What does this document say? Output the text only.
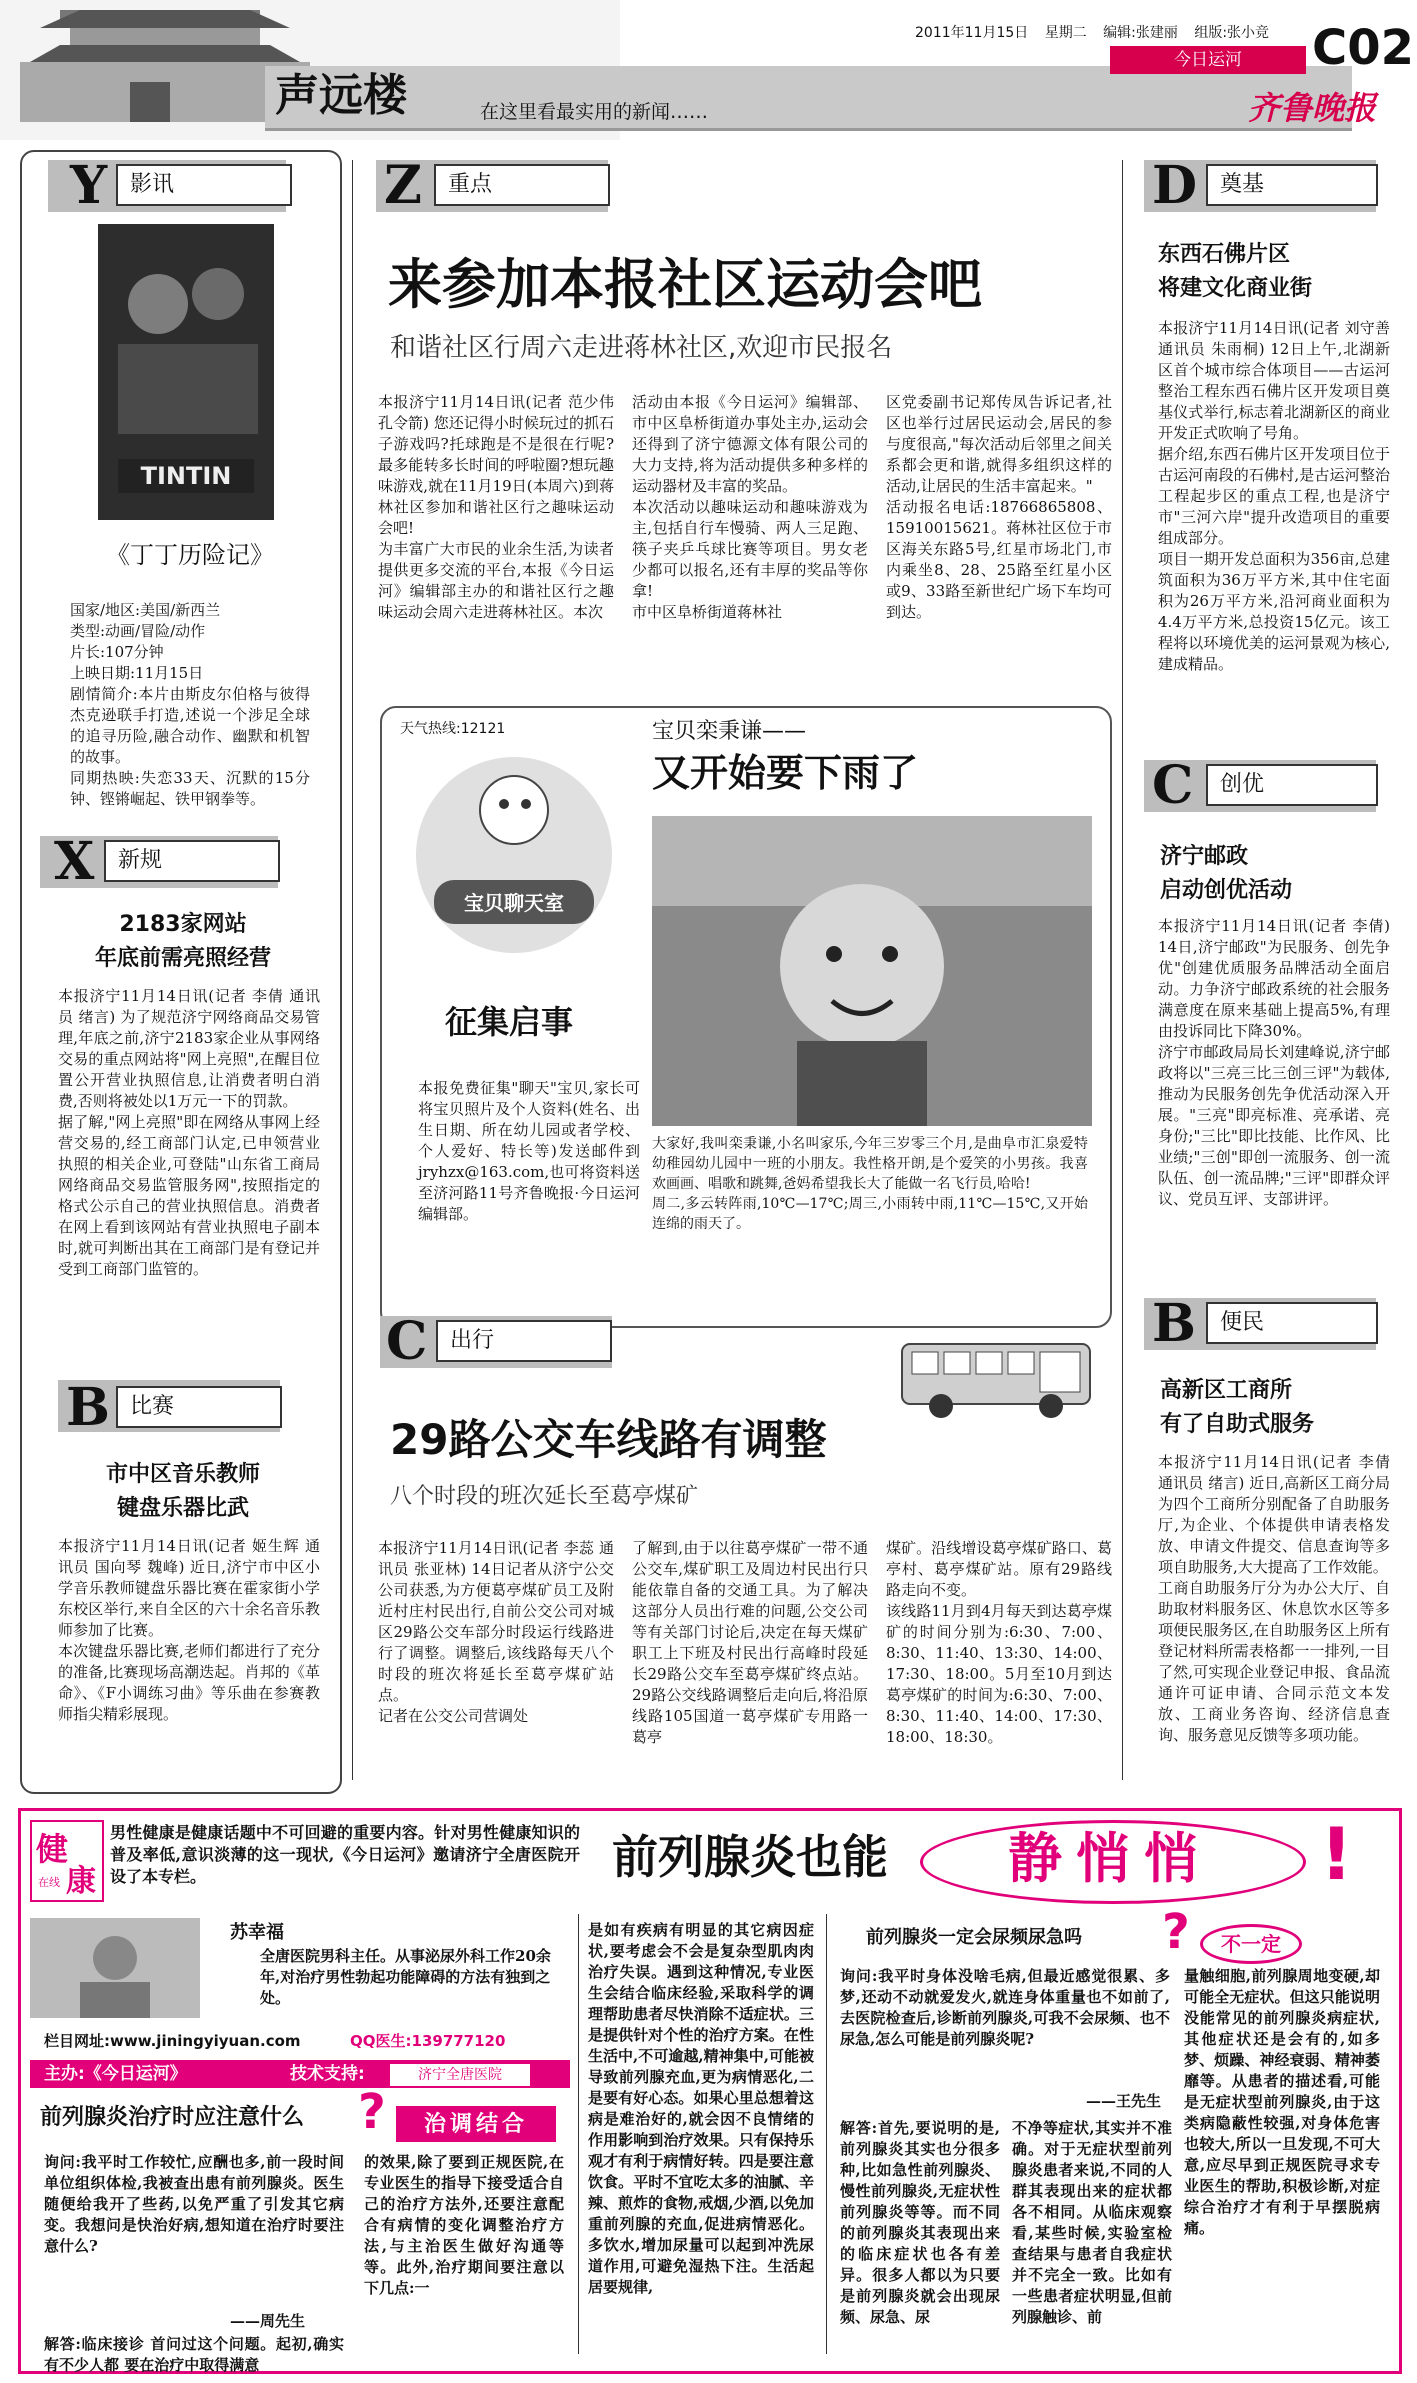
声远楼	在这里看最实用的新闻……
2011年11月15日 星期二 编辑:张建丽 组版:张小竞
今日运河	C02
齐鲁晚报
Y	影讯
TINTIN
《丁丁历险记》
国家/地区:美国/新西兰
类型:动画/冒险/动作
片长:107分钟
上映日期:11月15日
剧情简介:本片由斯皮尔伯格与彼得杰克逊联手打造,述说一个涉足全球的追寻历险,融合动作、幽默和机智的故事。
同期热映:失恋33天、沉默的15分钟、铿锵崛起、铁甲钢拳等。
X	新规
2183家网站
年底前需亮照经营
本报济宁11月14日讯(记者 李倩 通讯员 绪言) 为了规范济宁网络商品交易管理,年底之前,济宁2183家企业从事网络交易的重点网站将"网上亮照",在醒目位置公开营业执照信息,让消费者明白消费,否则将被处以1万元一下的罚款。
据了解,"网上亮照"即在网络从事网上经营交易的,经工商部门认定,已申领营业执照的相关企业,可登陆"山东省工商局网络商品交易监管服务网",按照指定的格式公示自己的营业执照信息。消费者在网上看到该网站有营业执照电子副本时,就可判断出其在工商部门是有登记并受到工商部门监管的。
B 比赛
市中区音乐教师
键盘乐器比武
本报济宁11月14日讯(记者 姬生辉 通讯员 国向琴 魏峰) 近日,济宁市中区小学音乐教师键盘乐器比赛在霍家街小学东校区举行,来自全区的六十余名音乐教师参加了比赛。
本次键盘乐器比赛,老师们都进行了充分的准备,比赛现场高潮迭起。肖邦的《革命》、《F小调练习曲》等乐曲在参赛教师指尖精彩展现。
Z	重点
来参加本报社区运动会吧
和谐社区行周六走进蒋林社区,欢迎市民报名
本报济宁11月14日讯(记者 范少伟 孔令箭) 您还记得小时候玩过的抓石子游戏吗?托球跑是不是很在行呢?最多能转多长时间的呼啦圈?想玩趣味游戏,就在11月19日(本周六)到蒋林社区参加和谐社区行之趣味运动会吧!
为丰富广大市民的业余生活,为读者提供更多交流的平台,本报《今日运河》编辑部主办的和谐社区行之趣味运动会周六走进蒋林社区。本次
活动由本报《今日运河》编辑部、市中区阜桥街道办事处主办,运动会还得到了济宁德源文体有限公司的大力支持,将为活动提供多种多样的运动器材及丰富的奖品。
本次活动以趣味运动和趣味游戏为主,包括自行车慢骑、两人三足跑、筷子夹乒乓球比赛等项目。男女老少都可以报名,还有丰厚的奖品等你拿!
市中区阜桥街道蒋林社
区党委副书记郑传凤告诉记者,社区也举行过居民运动会,居民的参与度很高,"每次活动后邻里之间关系都会更和谐,就得多组织这样的活动,让居民的生活丰富起来。"
活动报名电话:18766865808、15910015621。蒋林社区位于市区海关东路5号,红星市场北门,市内乘坐8、28、25路至红星小区或9、33路至新世纪广场下车均可到达。
天气热线:12121
宝贝聊天室
征集启事
本报免费征集"聊天"宝贝,家长可将宝贝照片及个人资料(姓名、出生日期、所在幼儿园或者学校、个人爱好、特长等)发送邮件到jryhzx@163.com,也可将资料送至济河路11号齐鲁晚报·今日运河编辑部。
宝贝栾秉谦——
又开始要下雨了
大家好,我叫栾秉谦,小名叫家乐,今年三岁零三个月,是曲阜市汇泉爱特幼稚园幼儿园中一班的小朋友。我性格开朗,是个爱笑的小男孩。我喜欢画画、唱歌和跳舞,爸妈希望我长大了能做一名飞行员,哈哈!
周二,多云转阵雨,10℃—17℃;周三,小雨转中雨,11℃—15℃,又开始连绵的雨天了。
C	出行
29路公交车线路有调整
八个时段的班次延长至葛亭煤矿
本报济宁11月14日讯(记者 李蕊 通讯员 张亚林) 14日记者从济宁公交公司获悉,为方便葛亭煤矿员工及附近村庄村民出行,自前公交公司对城区29路公交车部分时段运行线路进行了调整。调整后,该线路每天八个时段的班次将延长至葛亭煤矿站点。
记者在公交公司营调处
了解到,由于以往葛亭煤矿一带不通公交车,煤矿职工及周边村民出行只能依靠自备的交通工具。为了解决这部分人员出行难的问题,公交公司等有关部门讨论后,决定在每天煤矿职工上下班及村民出行高峰时段延长29路公交车至葛亭煤矿终点站。29路公交线路调整后走向后,将沿原线路105国道一葛亭煤矿专用路一葛亭
煤矿。沿线增设葛亭煤矿路口、葛亭村、葛亭煤矿站。原有29路线路走向不变。
该线路11月到4月每天到达葛亭煤矿的时间分别为:6:30、7:00、8:30、11:40、13:30、14:00、17:30、18:00。5月至10月到达葛亭煤矿的时间为:6:30、7:00、8:30、11:40、14:00、17:30、18:00、18:30。
D	奠基
东西石佛片区
将建文化商业街
本报济宁11月14日讯(记者 刘守善 通讯员 朱雨桐) 12日上午,北湖新区首个城市综合体项目——古运河整治工程东西石佛片区开发项目奠基仪式举行,标志着北湖新区的商业开发正式吹响了号角。
据介绍,东西石佛片区开发项目位于古运河南段的石佛村,是古运河整治工程起步区的重点工程,也是济宁市"三河六岸"提升改造项目的重要组成部分。
项目一期开发总面积为356亩,总建筑面积为36万平方米,其中住宅面积为26万平方米,沿河商业面积为4.4万平方米,总投资15亿元。该工程将以环境优美的运河景观为核心,建成精品。
C	创优
济宁邮政
启动创优活动
本报济宁11月14日讯(记者 李倩) 14日,济宁邮政"为民服务、创先争优"创建优质服务品牌活动全面启动。力争济宁邮政系统的社会服务满意度在原来基础上提高5%,有理由投诉同比下降30%。
济宁市邮政局局长刘建峰说,济宁邮政将以"三亮三比三创三评"为载体,推动为民服务创先争优活动深入开展。"三亮"即亮标准、亮承诺、亮身份;"三比"即比技能、比作风、比业绩;"三创"即创一流服务、创一流队伍、创一流品牌;"三评"即群众评议、党员互评、支部讲评。
B	便民
高新区工商所
有了自助式服务
本报济宁11月14日讯(记者 李倩 通讯员 绪言) 近日,高新区工商分局为四个工商所分别配备了自助服务厅,为企业、个体提供申请表格发放、申请文件提交、信息查询等多项自助服务,大大提高了工作效能。
工商自助服务厅分为办公大厅、自助取材料服务区、休息饮水区等多项便民服务区,在自助服务区上所有登记材料所需表格都一一排列,一目了然,可实现企业登记申报、食品流通许可证申请、合同示范文本发放、工商业务咨询、经济信息查询、服务意见反馈等多项功能。
健
康
在线
男性健康是健康话题中不可回避的重要内容。针对男性健康知识的普及率低,意识淡薄的这一现状,《今日运河》邀请济宁全唐医院开设了本专栏。	前列腺炎也能	静悄悄	!
苏幸福
全唐医院男科主任。从事泌尿外科工作20余年,对治疗男性勃起功能障碍的方法有独到之处。
栏目网址:www.jiningyiyuan.com	QQ医生:139777120
主办:《今日运河》	技术支持:	济宁全唐医院
前列腺炎治疗时应注意什么 ?	治调结合
询问:我平时工作较忙,应酬也多,前一段时间单位组织体检,我被查出患有前列腺炎。医生随便给我开了些药,以免严重了引发其它病变。我想问是快治好病,想知道在治疗时要注意什么?
——周先生
解答:临床接诊 首问过这个问题。起初,确实有不少人都 要在治疗中取得满意
的效果,除了要到正规医院,在专业医生的指导下接受适合自己的治疗方法外,还要注意配合有病情的变化调整治疗方法,与主治医生做好沟通等等。此外,治疗期间要注意以下几点:一
是如有疾病有明显的其它病因症状,要考虑会不会是复杂型肌肉肉治疗失误。遇到这种情况,专业医生会结合临床经验,采取科学的调理帮助患者尽快消除不适症状。三是提供针对个性的治疗方案。在性生活中,不可逾越,精神集中,可能被导致前列腺充血,更为病情恶化,二是要有好心态。如果心里总想着这病是难治好的,就会因不良情绪的作用影响到治疗效果。只有保持乐观才有利于病情好转。四是要注意饮食。平时不宜吃太多的油腻、辛辣、煎炸的食物,戒烟,少酒,以免加重前列腺的充血,促进病情恶化。多饮水,增加尿量可以起到冲洗尿道作用,可避免湿热下注。生活起居要规律,
前列腺炎一定会尿频尿急吗 ?	不一定
询问:我平时身体没啥毛病,但最近感觉很累、多梦,还动不动就爱发火,就连身体重量也不如前了,去医院检查后,诊断前列腺炎,可我不会尿频、也不尿急,怎么可能是前列腺炎呢?
——王先生
解答:首先,要说明的是,前列腺炎其实也分很多种,比如急性前列腺炎、慢性前列腺炎,无症状性前列腺炎等等。而不同的前列腺炎其表现出来的临床症状也各有差异。很多人都以为只要是前列腺炎就会出现尿频、尿急、尿
不净等症状,其实并不准确。对于无症状型前列腺炎患者来说,不同的人群其表现出来的症状都各不相同。从临床观察看,某些时候,实验室检查结果与患者自我症状并不完全一致。比如有一些患者症状明显,但前列腺触诊、前
量触细胞,前列腺周地变硬,却可能全无症状。但这只能说明没能常见的前列腺炎病症状,其他症状还是会有的,如多梦、烦躁、神经衰弱、精神萎靡等。从患者的描述看,可能是无症状型前列腺炎,由于这类病隐蔽性较强,对身体危害也较大,所以一旦发现,不可大意,应尽早到正规医院寻求专业医生的帮助,积极诊断,对症综合治疗才有利于早摆脱病痛。
